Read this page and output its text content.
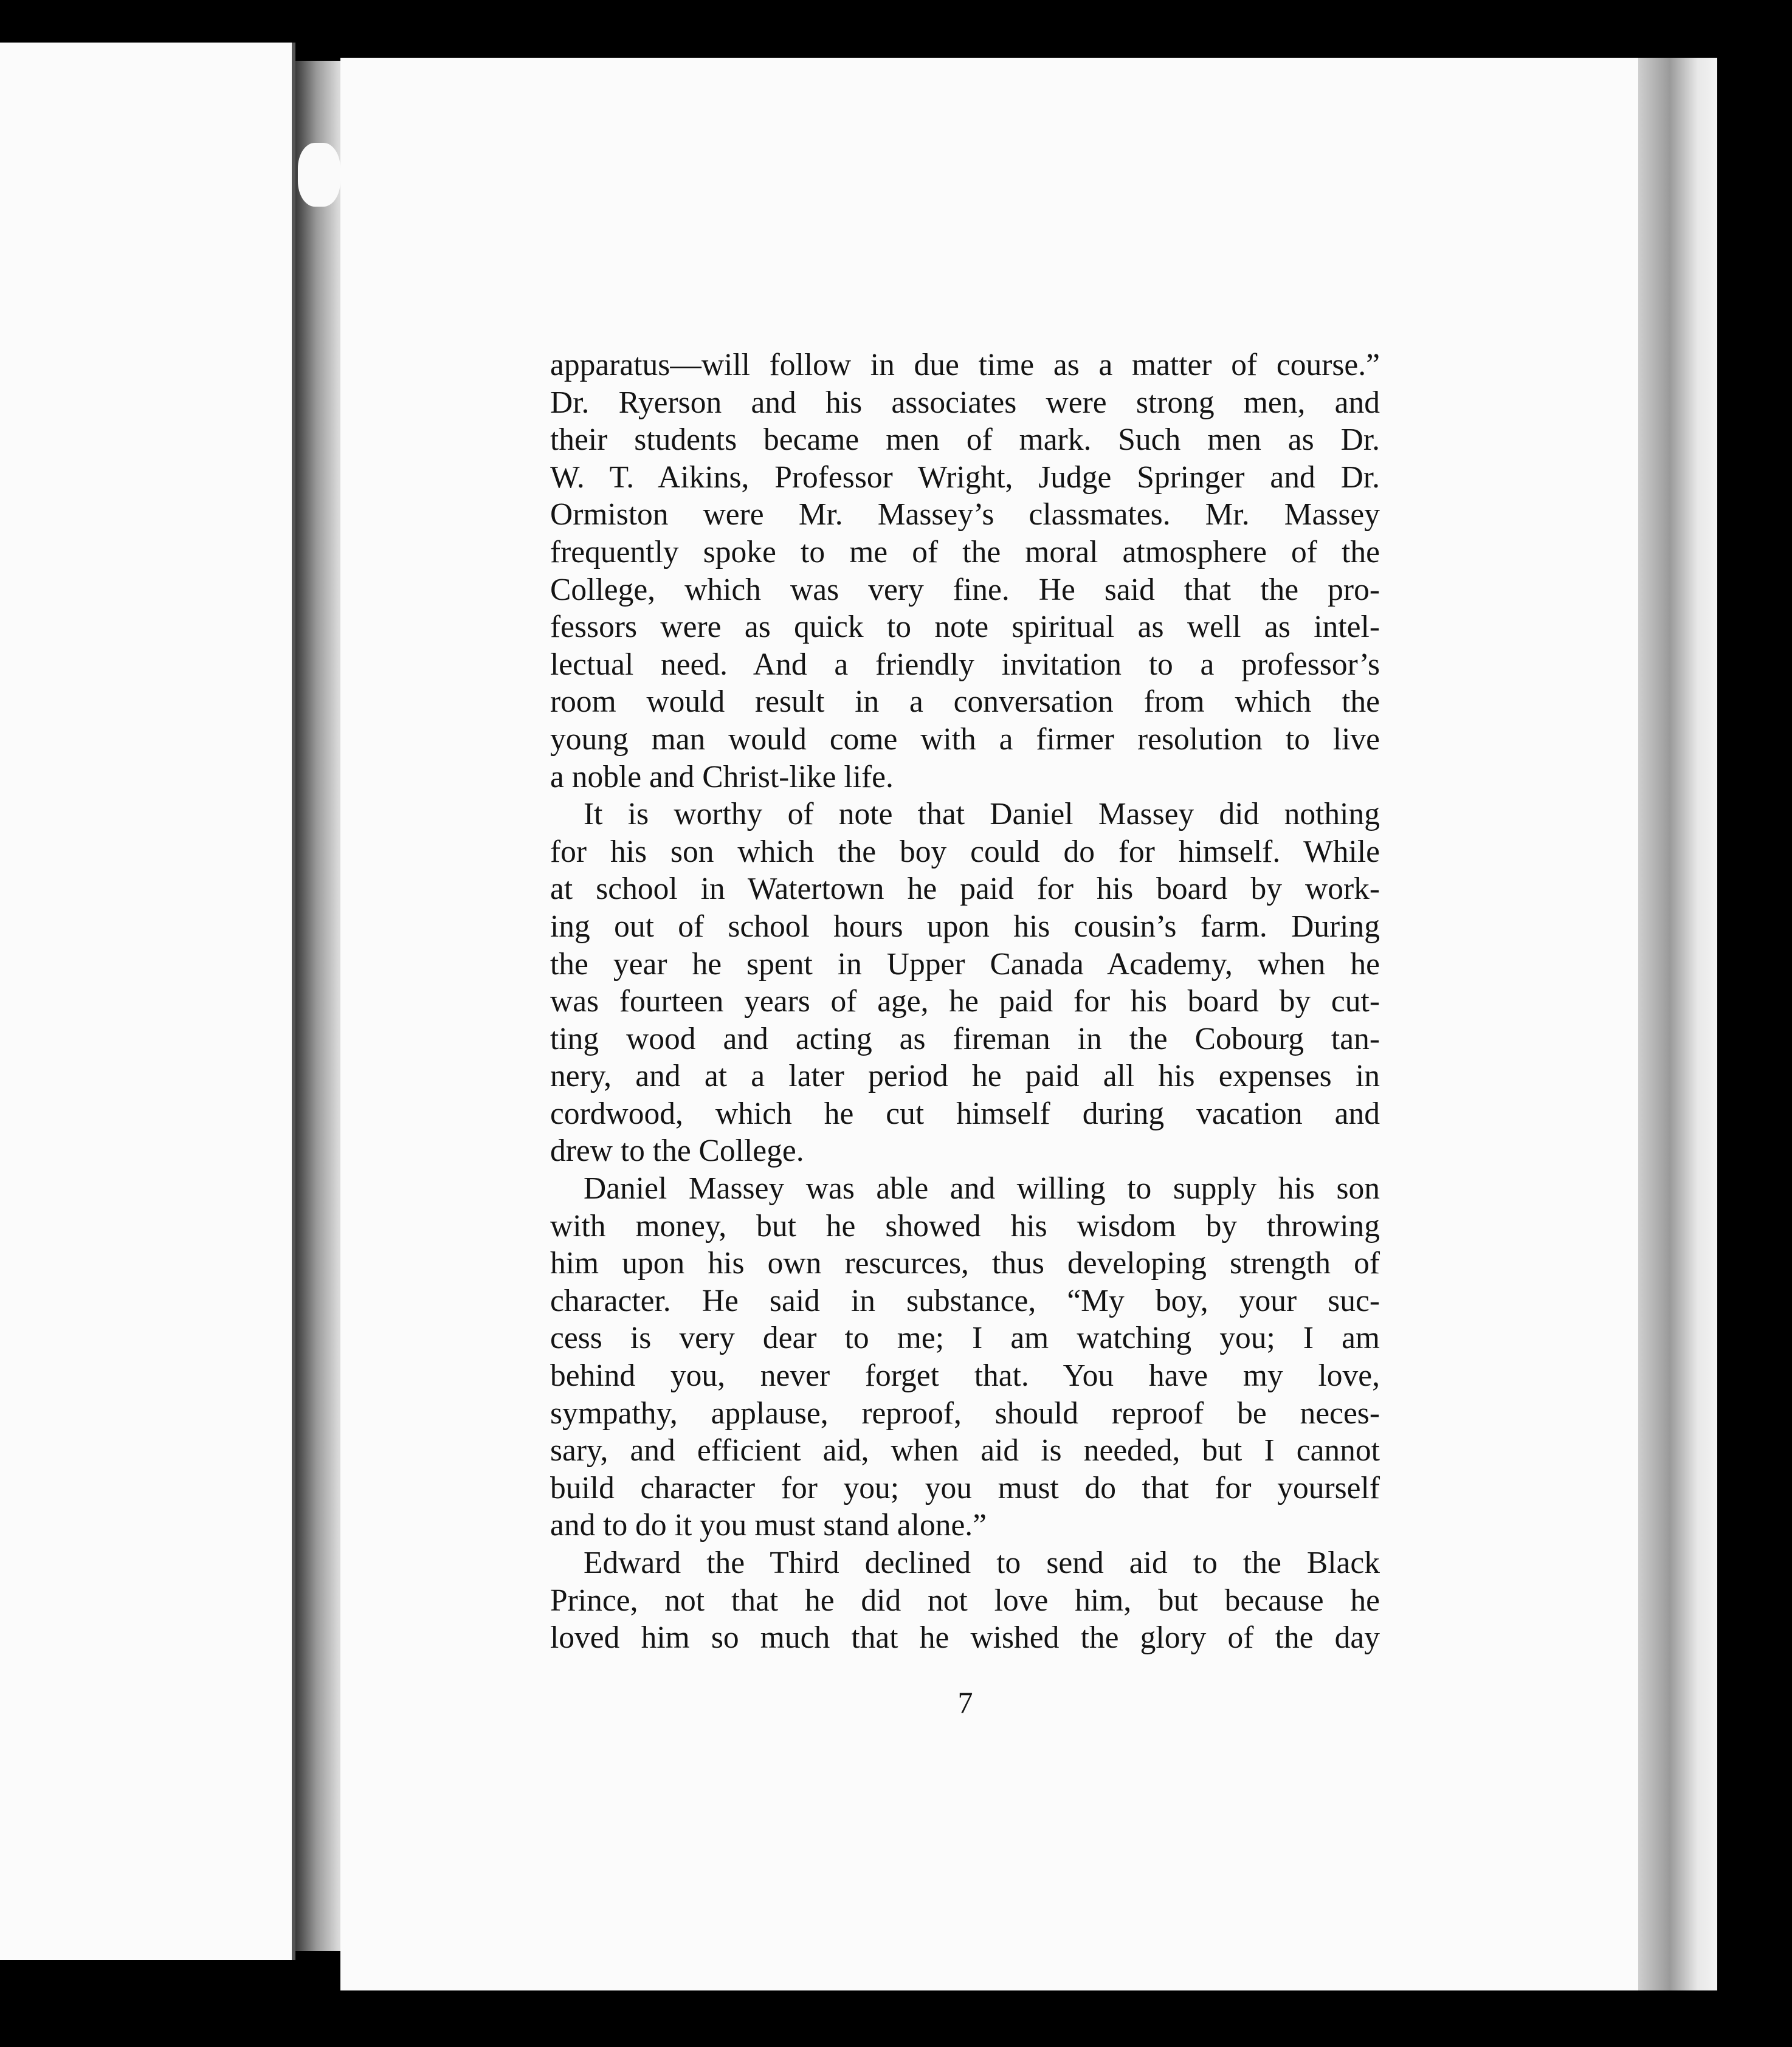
apparatus—will follow in due time as a matter of course.”
Dr. Ryerson and his associates were strong men, and
their students became men of mark. Such men as Dr.
W. T. Aikins, Professor Wright, Judge Springer and Dr.
Ormiston were Mr. Massey’s classmates. Mr. Massey
frequently spoke to me of the moral atmosphere of the
College, which was very fine. He said that the pro-
fessors were as quick to note spiritual as well as intel-
lectual need. And a friendly invitation to a professor’s
room would result in a conversation from which the
young man would come with a firmer resolution to live
a noble and Christ-like life.
It is worthy of note that Daniel Massey did nothing
for his son which the boy could do for himself. While
at school in Watertown he paid for his board by work-
ing out of school hours upon his cousin’s farm. During
the year he spent in Upper Canada Academy, when he
was fourteen years of age, he paid for his board by cut-
ting wood and acting as fireman in the Cobourg tan-
nery, and at a later period he paid all his expenses in
cordwood, which he cut himself during vacation and
drew to the College.
Daniel Massey was able and willing to supply his son
with money, but he showed his wisdom by throwing
him upon his own rescurces, thus developing strength of
character. He said in substance, “My boy, your suc-
cess is very dear to me; I am watching you; I am
behind you, never forget that. You have my love,
sympathy, applause, reproof, should reproof be neces-
sary, and efficient aid, when aid is needed, but I cannot
build character for you; you must do that for yourself
and to do it you must stand alone.”
Edward the Third declined to send aid to the Black
Prince, not that he did not love him, but because he
loved him so much that he wished the glory of the day
7
